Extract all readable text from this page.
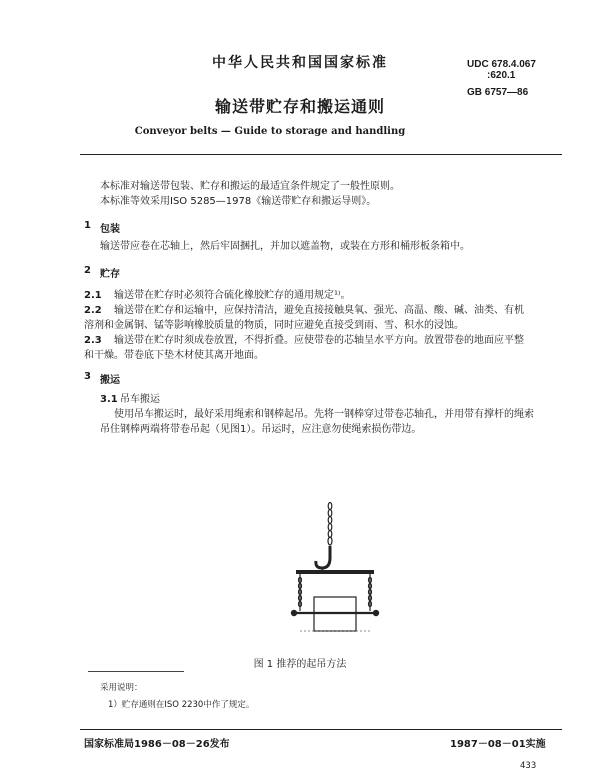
中华人民共和国国家标准	UDC 678.4.067
:620.1
GB 6757—86
输送带贮存和搬运通则
Conveyor belts — Guide to storage and handling
本标准对输送带包装、贮存和搬运的最适宜条件规定了一般性原则。
本标准等效采用ISO 5285—1978《输送带贮存和搬运导则》。
1 包装
输送带应卷在芯轴上，然后牢固捆扎，并加以遮盖物，或装在方形和桶形板条箱中。
2 贮存
2.1 输送带在贮存时必须符合硫化橡胶贮存的通用规定¹⁾。
2.2 输送带在贮存和运输中，应保持清洁，避免直接接触臭氧、强光、高温、酸、碱、油类、有机
溶剂和金属铜、锰等影响橡胶质量的物质，同时应避免直接受到雨、雪、积水的浸蚀。
2.3 输送带在贮存时须成卷放置，不得折叠。应使带卷的芯轴呈水平方向。放置带卷的地面应平整
和干燥。带卷底下垫木材使其离开地面。
3 搬运
3.1 吊车搬运
使用吊车搬运时，最好采用绳索和钢棒起吊。先将一钢棒穿过带卷芯轴孔，并用带有撑杆的绳索
吊住钢棒两端将带卷吊起（见图1）。吊运时，应注意勿使绳索损伤带边。
图 1 推荐的起吊方法
采用说明：
1）贮存通则在ISO 2230中作了规定。
国家标准局1986－08－26发布	1987－08－01实施
433
